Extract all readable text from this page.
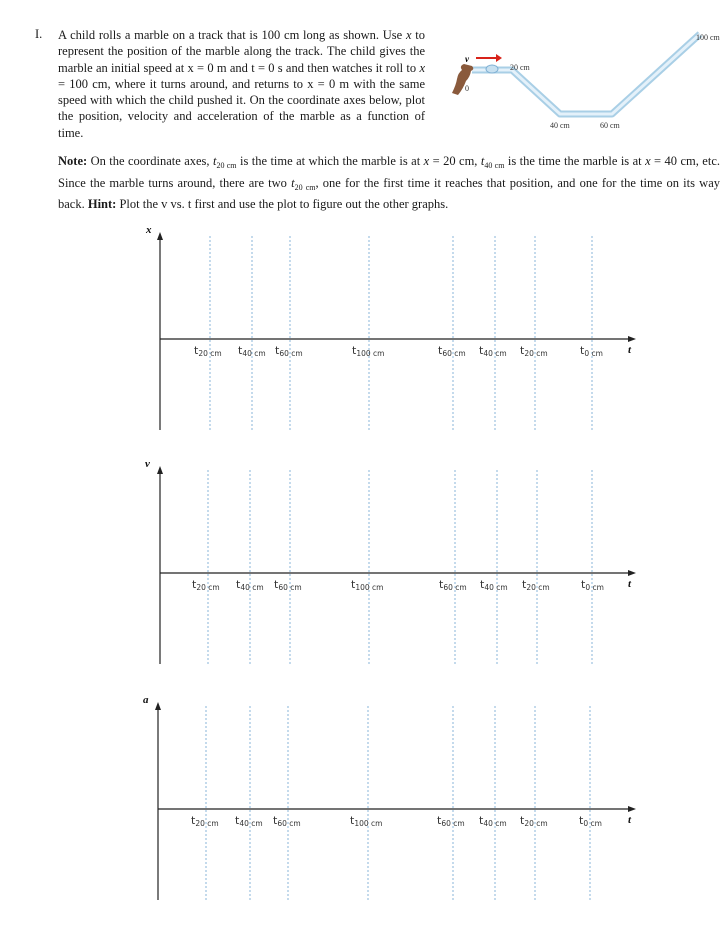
I. A child rolls a marble on a track that is 100 cm long as shown. Use x to represent the position of the marble along the track. The child gives the marble an initial speed at x = 0 m and t = 0 s and then watches it roll to x = 100 cm, where it turns around, and returns to x = 0 m with the same speed with which the child pushed it. On the coordinate axes below, plot the position, velocity and acceleration of the marble as a function of time.
v
0
20 cm
40 cm	60 cm
100 cm
Note: On the coordinate axes, $t_{20 cm}$ is the time at which the marble is at x = 20 cm, $t_{40 cm}$ is the time the marble is at x = 40 cm, etc. Since the marble turns around, there are two $t_{20 cm}$, one for the first time it reaches that position, and one for the time on its way back. Hint: Plot the v vs. t first and use the plot to figure out the other graphs.
x
t
t20 cm t40 cm t60 cm	t100 cm	t60 cm t40 cm t20 cm	t0 cm
v
t
t20 cm t40 cm t60 cm	t100 cm	t60 cm t40 cm t20 cm	t0 cm
a
t
t20 cm t40 cm t60 cm	t100 cm	t60 cm t40 cm t20 cm	t0 cm
